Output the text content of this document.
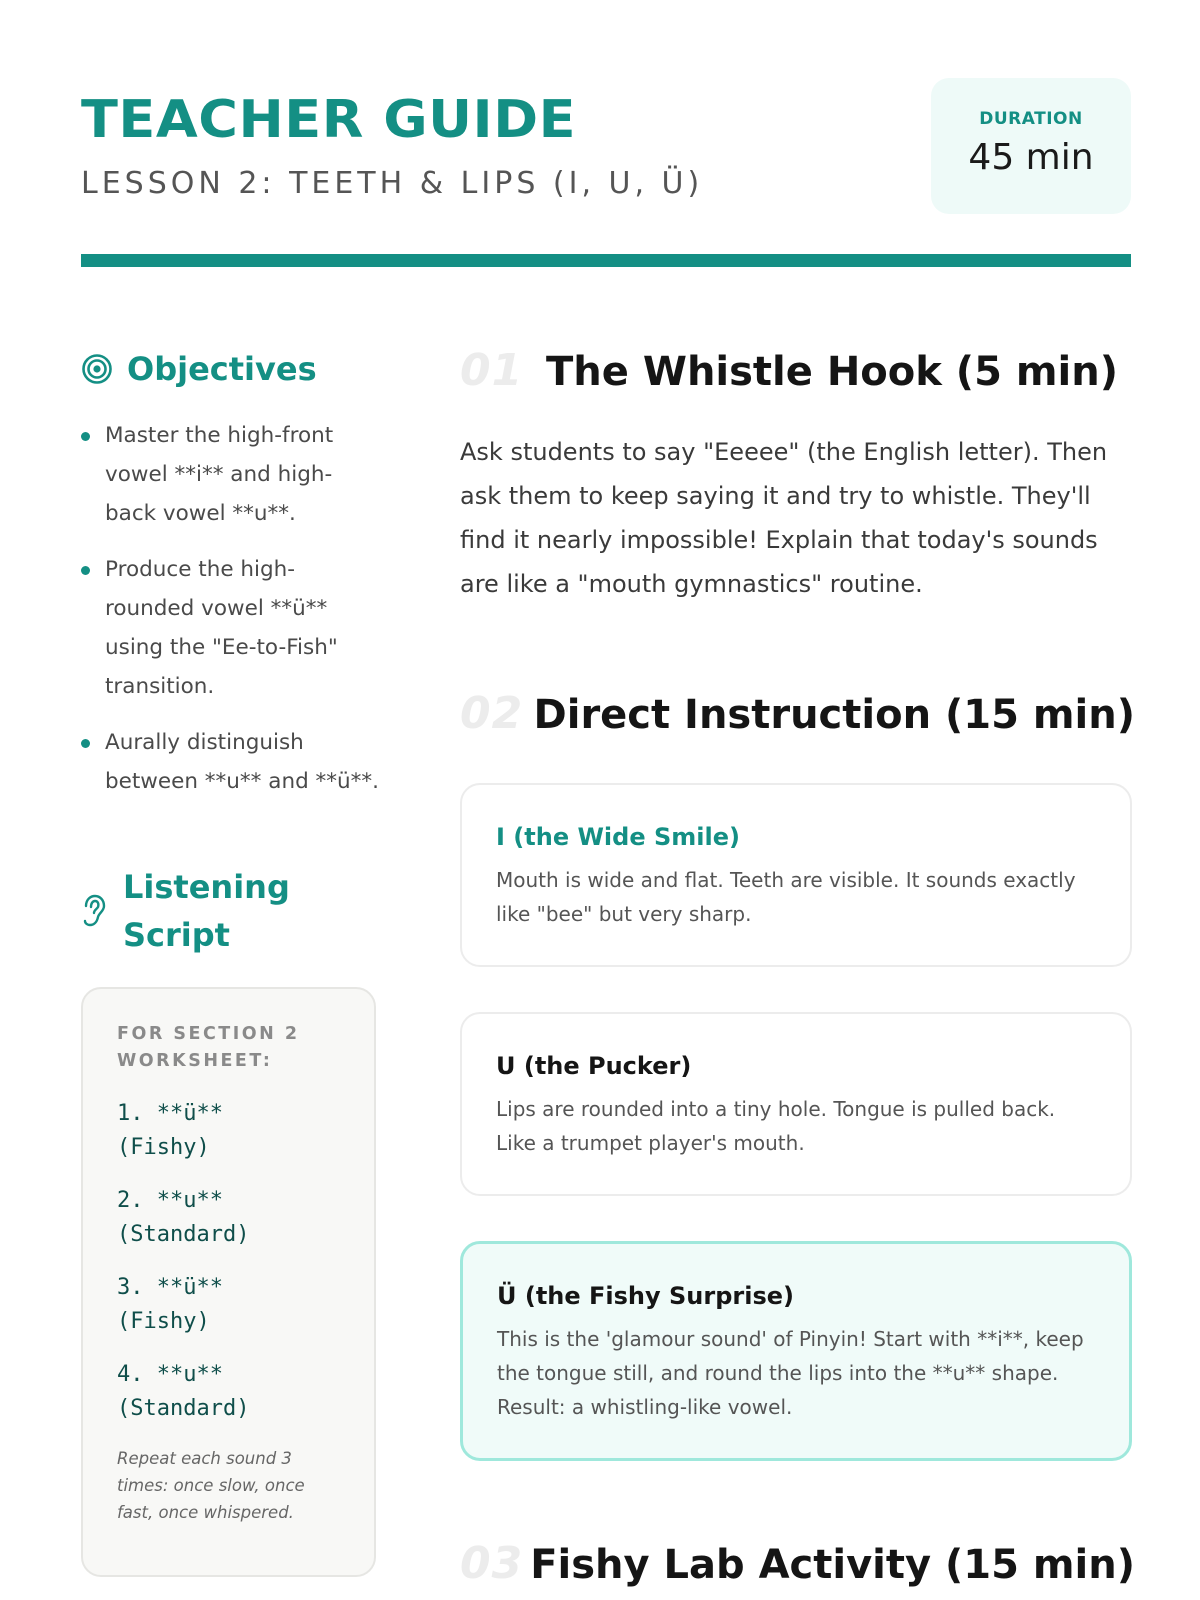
TEACHER GUIDE
LESSON 2: TEETH & LIPS (I, U, Ü)
DURATION
45 min
Objectives
Master the high-front vowel **i** and high-back vowel **u**.
Produce the high-rounded vowel **ü** using the "Ee-to-Fish" transition.
Aurally distinguish between **u** and **ü**.
Listening Script
FOR SECTION 2 WORKSHEET:
1. **ü** (Fishy)
2. **u** (Standard)
3. **ü** (Fishy)
4. **u** (Standard)
Repeat each sound 3 times: once slow, once fast, once whispered.
01 The Whistle Hook (5 min)
Ask students to say "Eeeee" (the English letter). Then ask them to keep saying it and try to whistle. They'll find it nearly impossible! Explain that today's sounds are like a "mouth gymnastics" routine.
02 Direct Instruction (15 min)
I (the Wide Smile)
Mouth is wide and flat. Teeth are visible. It sounds exactly like "bee" but very sharp.
U (the Pucker)
Lips are rounded into a tiny hole. Tongue is pulled back. Like a trumpet player's mouth.
Ü (the Fishy Surprise)
This is the 'glamour sound' of Pinyin! Start with **i**, keep the tongue still, and round the lips into the **u** shape. Result: a whistling-like vowel.
03 Fishy Lab Activity (15 min)
